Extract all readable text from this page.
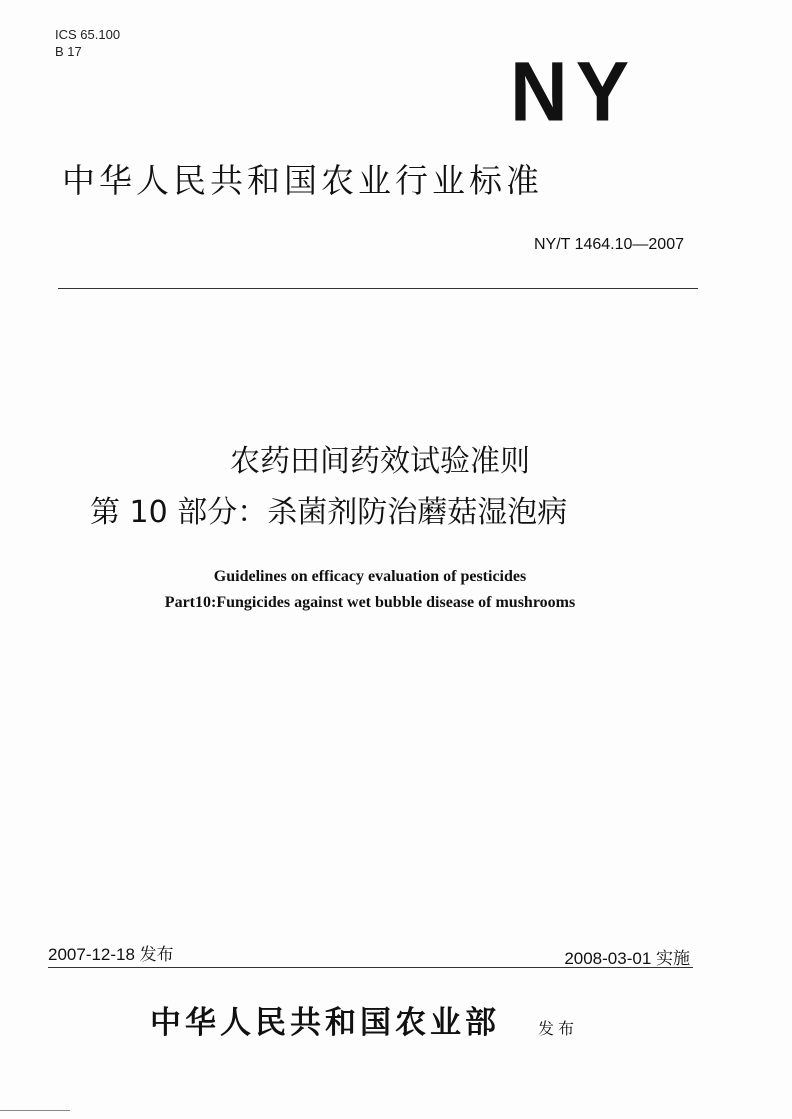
ICS 65.100
B 17	NY
中华人民共和国农业行业标准
NY/T 1464.10—2007
农药田间药效试验准则
第 10 部分：杀菌剂防治蘑菇湿泡病
Guidelines on efficacy evaluation of pesticides
Part10:Fungicides against wet bubble disease of mushrooms
2007-12-18 发布	2008-03-01 实施
中华人民共和国农业部 发布
